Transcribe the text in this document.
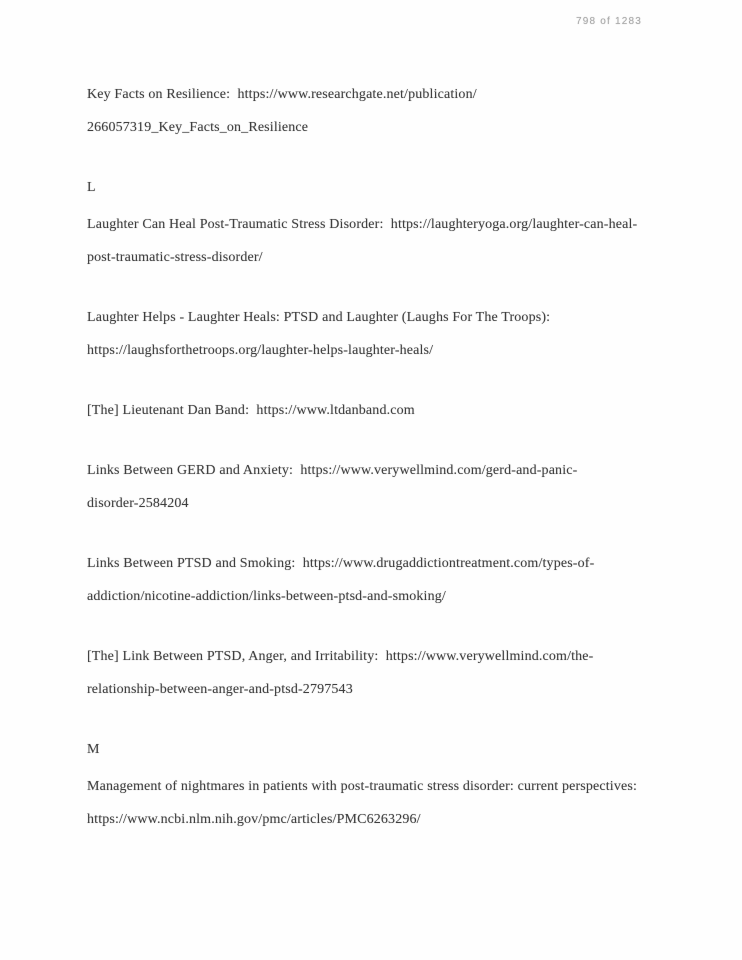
798 of 1283
Key Facts on Resilience:  https://www.researchgate.net/publication/
266057319_Key_Facts_on_Resilience
L
Laughter Can Heal Post-Traumatic Stress Disorder:  https://laughteryoga.org/laughter-can-heal-
post-traumatic-stress-disorder/
Laughter Helps - Laughter Heals: PTSD and Laughter (Laughs For The Troops):
https://laughsforthetroops.org/laughter-helps-laughter-heals/
[The] Lieutenant Dan Band:  https://www.ltdanband.com
Links Between GERD and Anxiety:  https://www.verywellmind.com/gerd-and-panic-
disorder-2584204
Links Between PTSD and Smoking:  https://www.drugaddictiontreatment.com/types-of-
addiction/nicotine-addiction/links-between-ptsd-and-smoking/
[The] Link Between PTSD, Anger, and Irritability:  https://www.verywellmind.com/the-
relationship-between-anger-and-ptsd-2797543
M
Management of nightmares in patients with post-traumatic stress disorder: current perspectives:
https://www.ncbi.nlm.nih.gov/pmc/articles/PMC6263296/
